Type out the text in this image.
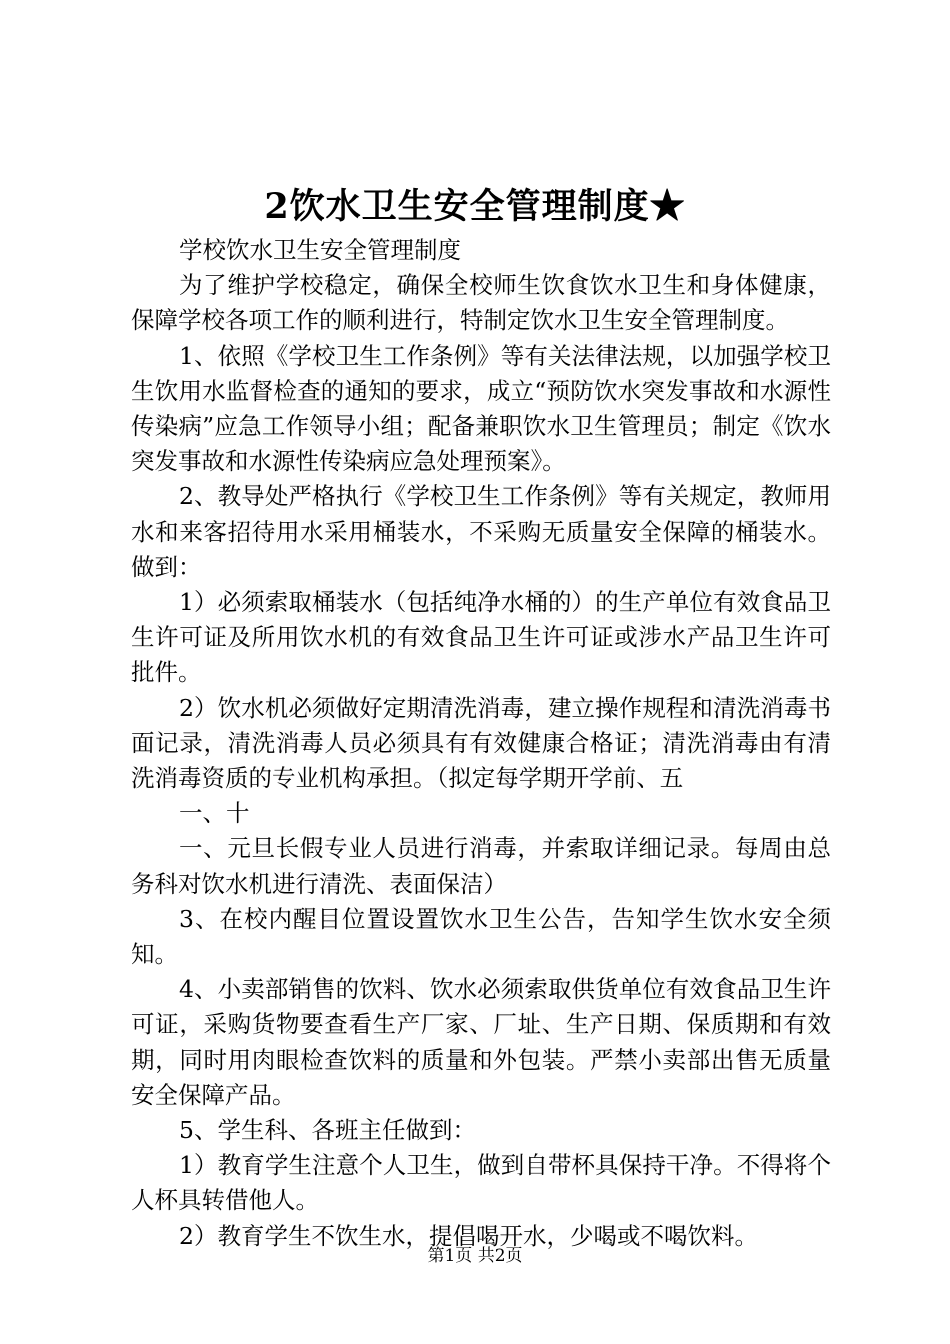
2饮水卫生安全管理制度★

学校饮水卫生安全管理制度

为了维护学校稳定，确保全校师生饮食饮水卫生和身体健康，保障学校各项工作的顺利进行，特制定饮水卫生安全管理制度。

1、依照《学校卫生工作条例》等有关法律法规，以加强学校卫生饮用水监督检查的通知的要求，成立“预防饮水突发事故和水源性传染病”应急工作领导小组；配备兼职饮水卫生管理员；制定《饮水突发事故和水源性传染病应急处理预案》。

2、教导处严格执行《学校卫生工作条例》等有关规定，教师用水和来客招待用水采用桶装水，不采购无质量安全保障的桶装水。做到：

1）必须索取桶装水（包括纯净水桶的）的生产单位有效食品卫生许可证及所用饮水机的有效食品卫生许可证或涉水产品卫生许可批件。

2）饮水机必须做好定期清洗消毒，建立操作规程和清洗消毒书面记录，清洗消毒人员必须具有有效健康合格证；清洗消毒由有清洗消毒资质的专业机构承担。（拟定每学期开学前、五

一、十

一、元旦长假专业人员进行消毒，并索取详细记录。每周由总务科对饮水机进行清洗、表面保洁）

3、在校内醒目位置设置饮水卫生公告，告知学生饮水安全须知。

4、小卖部销售的饮料、饮水必须索取供货单位有效食品卫生许可证，采购货物要查看生产厂家、厂址、生产日期、保质期和有效期，同时用肉眼检查饮料的质量和外包装。严禁小卖部出售无质量安全保障产品。

5、学生科、各班主任做到：

1）教育学生注意个人卫生，做到自带杯具保持干净。不得将个人杯具转借他人。

2）教育学生不饮生水，提倡喝开水，少喝或不喝饮料。

第1页 共2页
